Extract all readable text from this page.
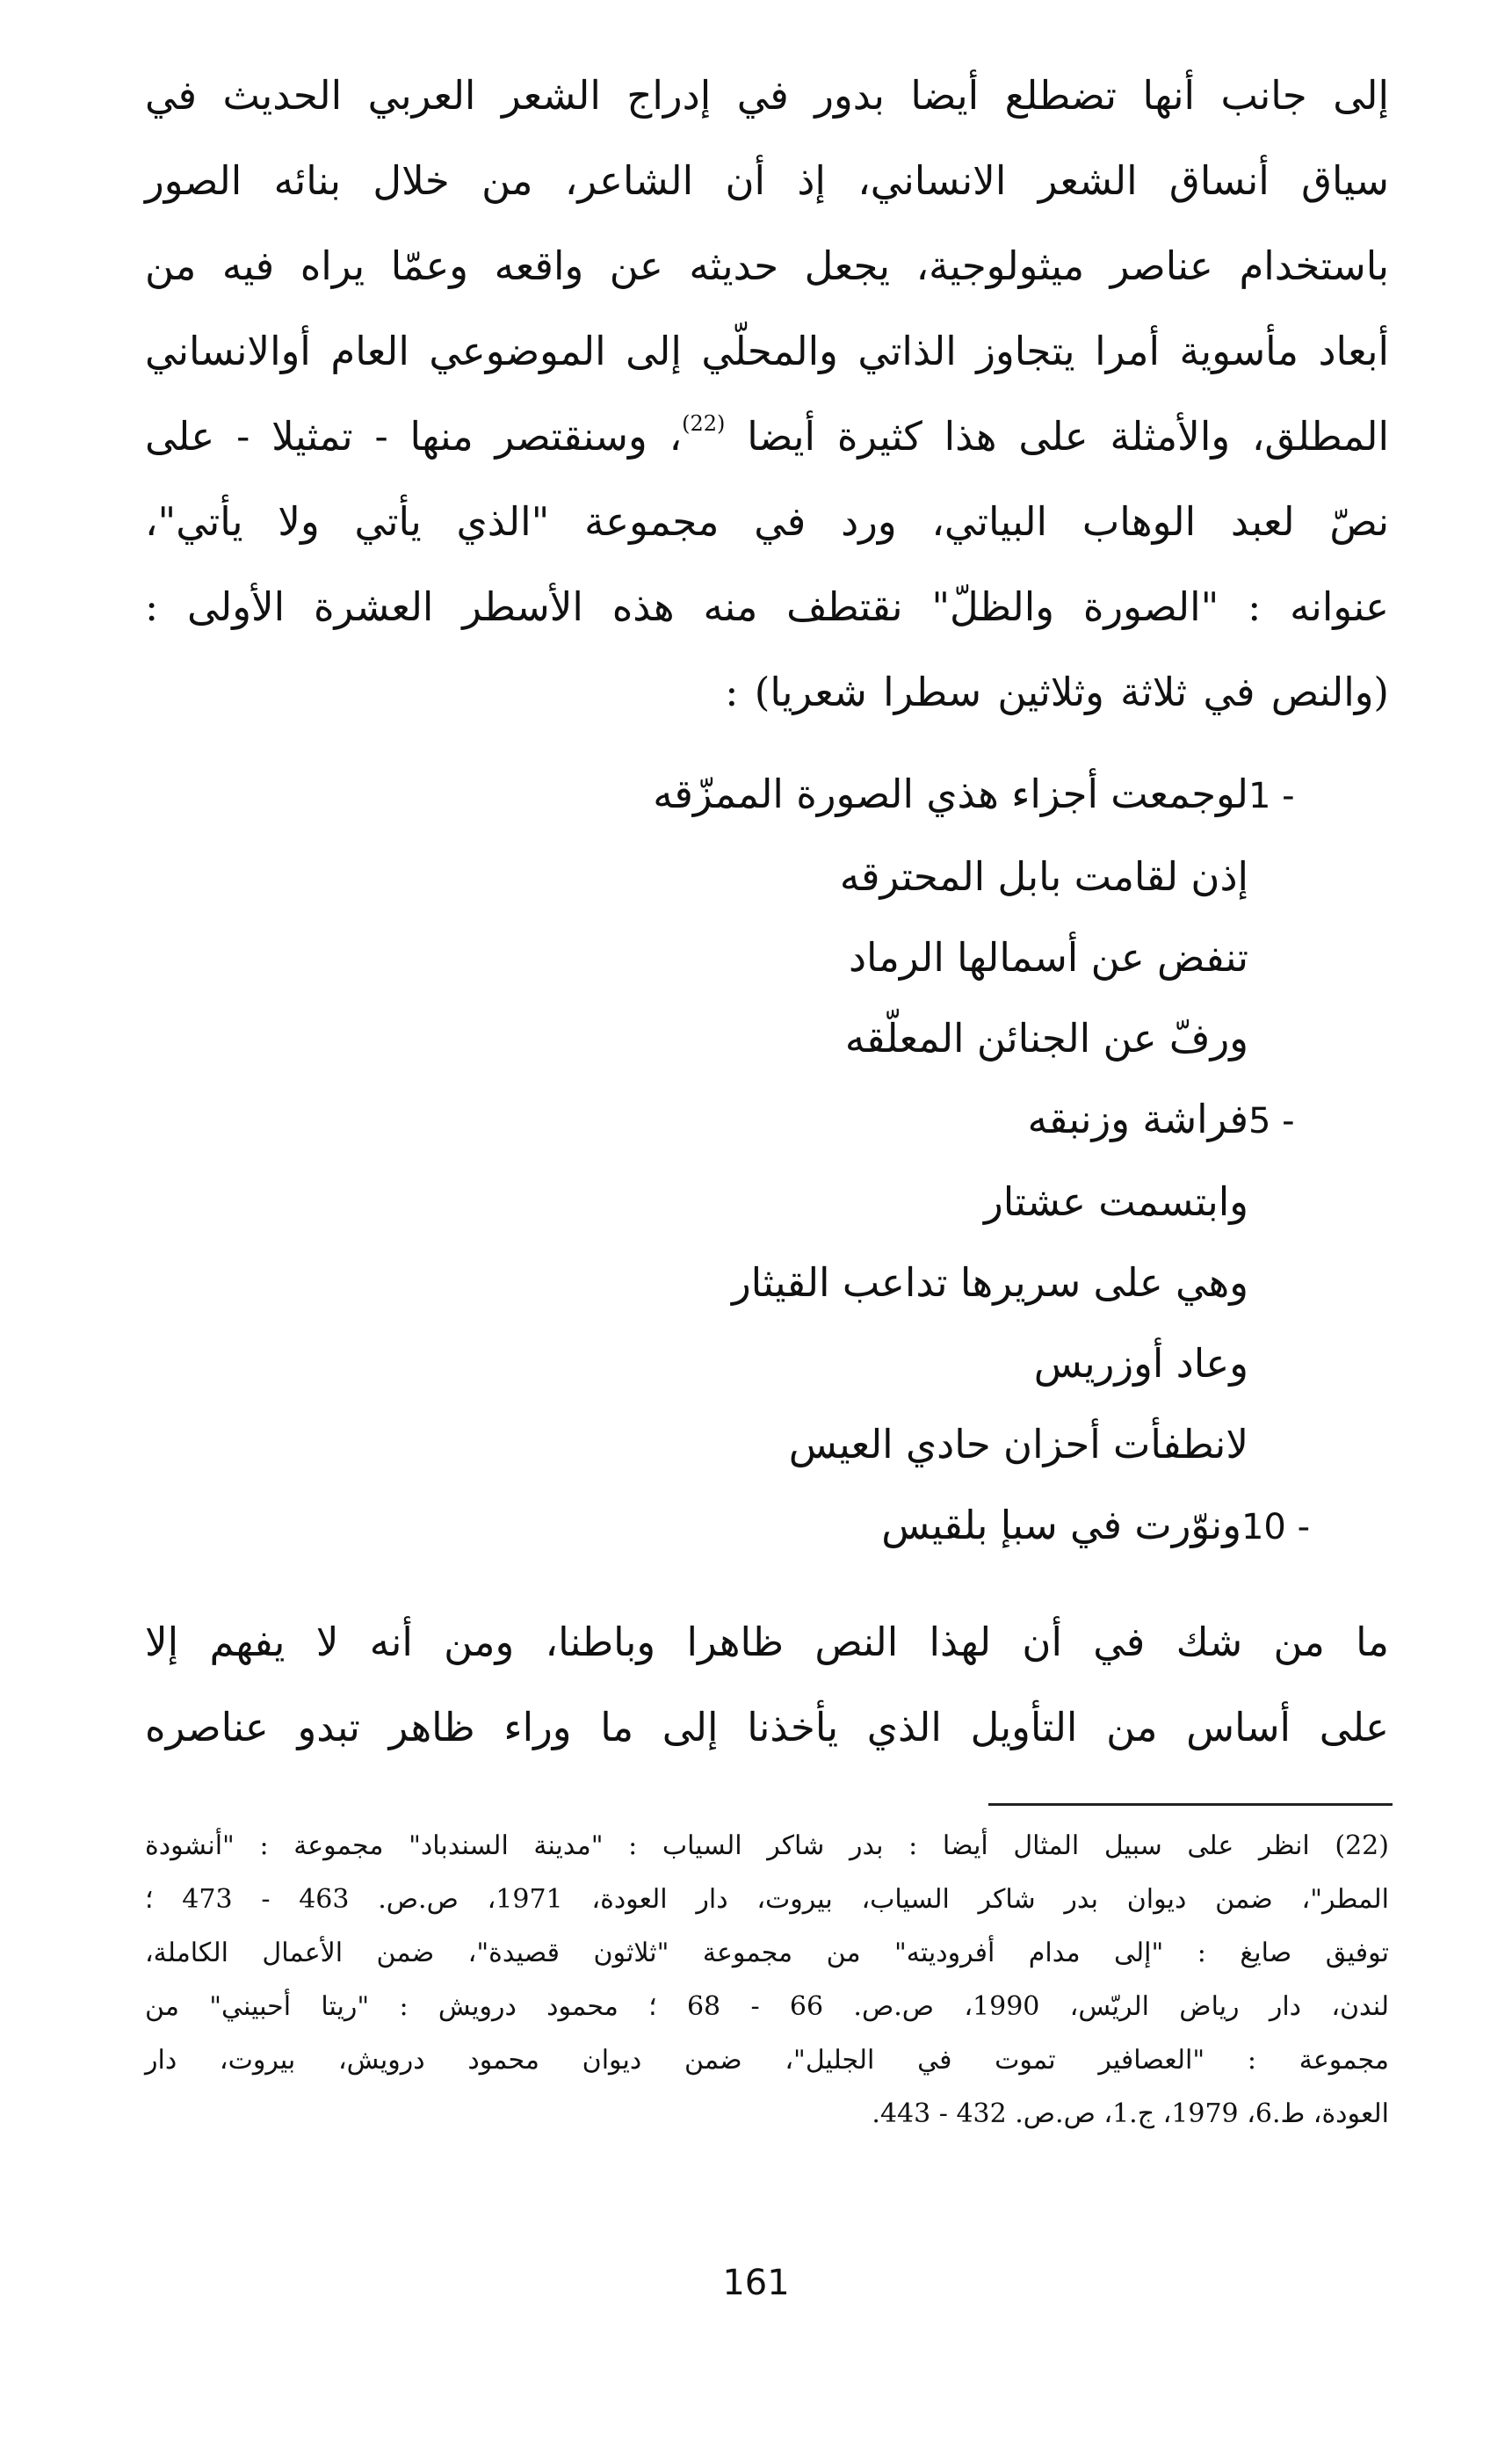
إلى جانب أنها تضطلع أيضا بدور في إدراج الشعر العربي الحديث في
سياق أنساق الشعر الانساني، إذ أن الشاعر، من خلال بنائه الصور
باستخدام عناصر ميثولوجية، يجعل حديثه عن واقعه وعمّا يراه فيه من
أبعاد مأسوية أمرا يتجاوز الذاتي والمحلّي إلى الموضوعي العام أوالانساني
المطلق، والأمثلة على هذا كثيرة أيضا $^{(22)}$، وسنقتصر منها - تمثيلا - على
نصّ لعبد الوهاب البياتي، ورد في مجموعة "الذي يأتي ولا يأتي"،
عنوانه : "الصورة والظلّ" نقتطف منه هذه الأسطر العشرة الأولى :
(والنص في ثلاثة وثلاثين سطرا شعريا) :
1 -لوجمعت أجزاء هذي الصورة الممزّقه
إذن لقامت بابل المحترقه
تنفض عن أسمالها الرماد
ورفّ عن الجنائن المعلّقه
5 -فراشة وزنبقه
وابتسمت عشتار
وهي على سريرها تداعب القيثار
وعاد أوزريس
لانطفأت أحزان حادي العيس
10 -ونوّرت في سبإ بلقيس
ما من شك في أن لهذا النص ظاهرا وباطنا، ومن أنه لا يفهم إلا
على أساس من التأويل الذي يأخذنا إلى ما وراء ظاهر تبدو عناصره
(22) انظر على سبيل المثال أيضا : بدر شاكر السياب : "مدينة السندباد" مجموعة : "أنشودة
المطر"، ضمن ديوان بدر شاكر السياب، بيروت، دار العودة، 1971، ص.ص. 463 - 473 ؛
توفيق صايغ : "إلى مدام أفروديته" من مجموعة "ثلاثون قصيدة"، ضمن الأعمال الكاملة،
لندن، دار رياض الريّس، 1990، ص.ص. 66 - 68 ؛ محمود درويش : "ريتا أحبيني" من
مجموعة : "العصافير تموت في الجليل"، ضمن ديوان محمود درويش، بيروت، دار
العودة، ط.6، 1979، ج.1، ص.ص. 432 - 443.
161
